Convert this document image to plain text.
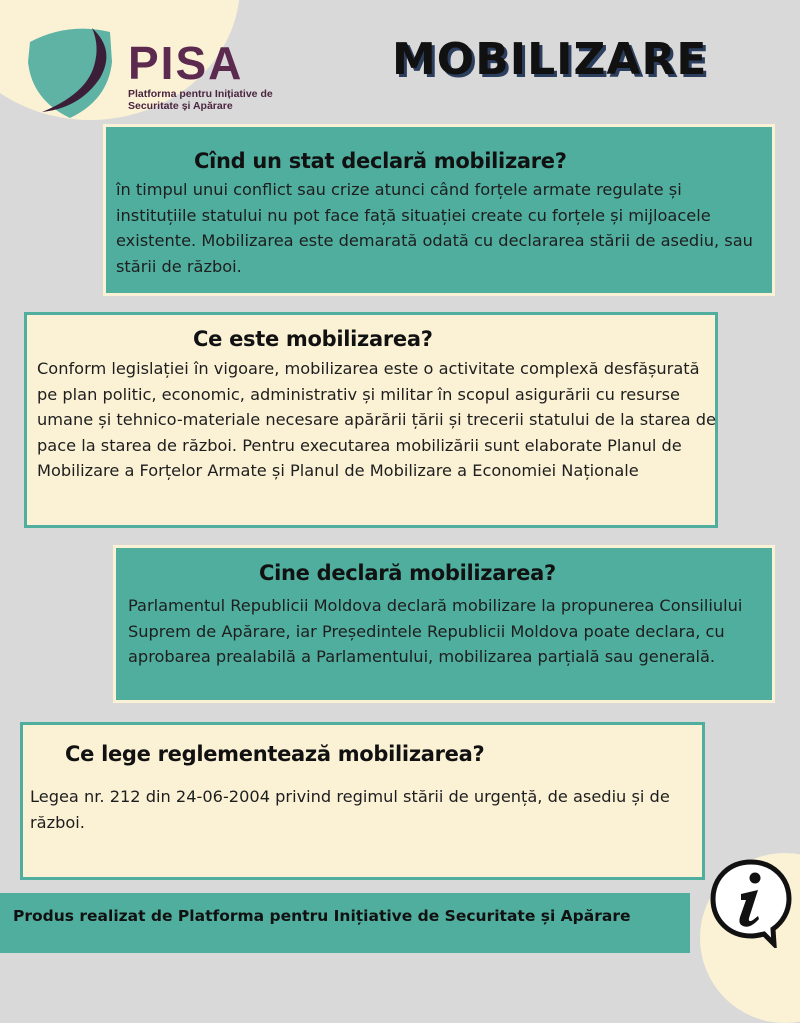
PISA
Platforma pentru Inițiative de Securitate și Apărare
MOBILIZARE
Cînd un stat declară mobilizare?

în timpul unui conflict sau crize atunci când forțele armate regulate și instituțiile statului nu pot face față situației create cu forțele și mijloacele existente. Mobilizarea este demarată odată cu declararea stării de asediu, sau stării de război.

Ce este mobilizarea?

Conform legislației în vigoare, mobilizarea este o activitate complexă desfășurată pe plan politic, economic, administrativ și militar în scopul asigurării cu resurse umane și tehnico-materiale necesare apărării țării și trecerii statului de la starea de pace la starea de război. Pentru executarea mobilizării sunt elaborate Planul de Mobilizare a Forțelor Armate și Planul de Mobilizare a Economiei Naționale

Cine declară mobilizarea?

Parlamentul Republicii Moldova declară mobilizare la propunerea Consiliului Suprem de Apărare, iar Președintele Republicii Moldova poate declara, cu aprobarea prealabilă a Parlamentului, mobilizarea parțială sau generală.

Ce lege reglementează mobilizarea?

Legea nr. 212 din 24-06-2004 privind regimul stării de urgență, de asediu și de război.

Produs realizat de Platforma pentru Inițiative de Securitate și Apărare
